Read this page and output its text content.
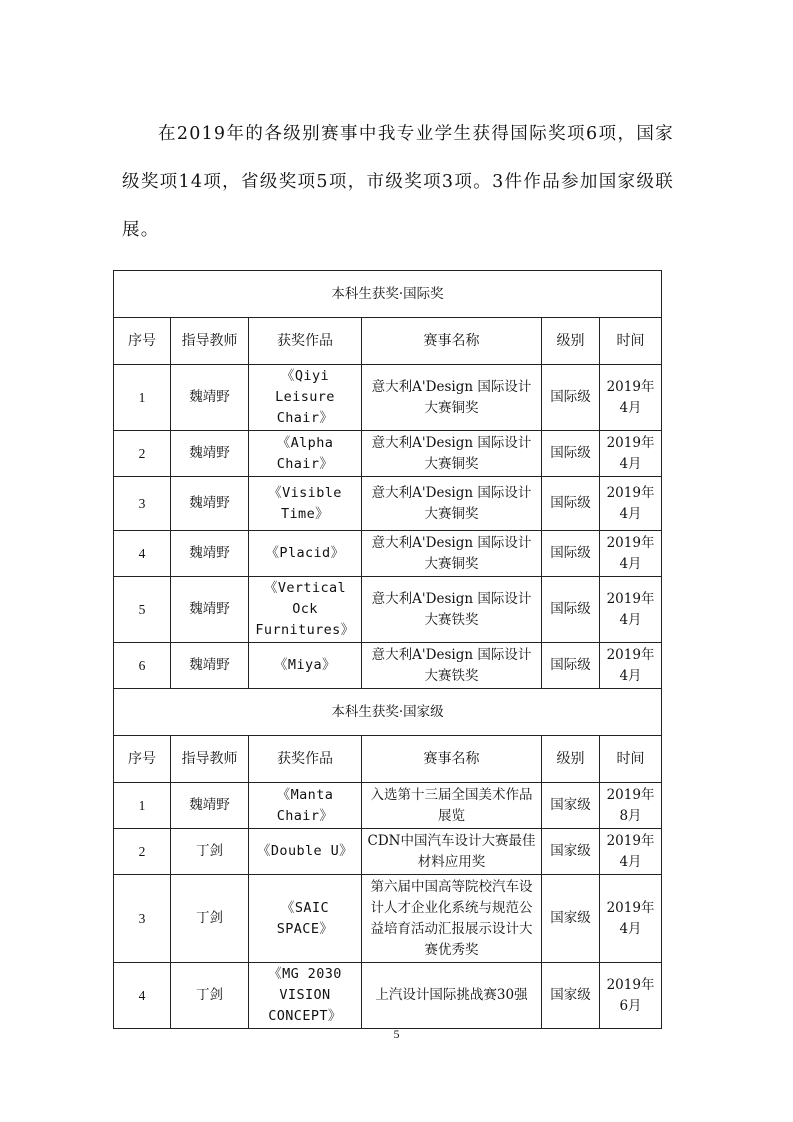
在2019年的各级别赛事中我专业学生获得国际奖项6项，国家级奖项14项，省级奖项5项，市级奖项3项。3件作品参加国家级联展。

本科生获奖·国际奖					
序号	指导教师	获奖作品	赛事名称	级别	时间
1	魏靖野	《Qiyi Leisure Chair》	意大利A'Design 国际设计大赛铜奖	国际级	2019年4月
2	魏靖野	《Alpha Chair》	意大利A'Design 国际设计大赛铜奖	国际级	2019年4月
3	魏靖野	《Visible Time》	意大利A'Design 国际设计大赛铜奖	国际级	2019年4月
4	魏靖野	《Placid》	意大利A'Design 国际设计大赛铜奖	国际级	2019年4月
5	魏靖野	《Vertical Ock Furnitures》	意大利A'Design 国际设计大赛铁奖	国际级	2019年4月
6	魏靖野	《Miya》	意大利A'Design 国际设计大赛铁奖	国际级	2019年4月
本科生获奖·国家级					
序号	指导教师	获奖作品	赛事名称	级别	时间
1	魏靖野	《Manta Chair》	入选第十三届全国美术作品展览	国家级	2019年8月
2	丁剑	《Double U》	CDN中国汽车设计大赛最佳材料应用奖	国家级	2019年4月
3	丁剑	《SAIC SPACE》	第六届中国高等院校汽车设计人才企业化系统与规范公益培育活动汇报展示设计大赛优秀奖	国家级	2019年4月
4	丁剑	《MG 2030 VISION CONCEPT》	上汽设计国际挑战赛30强	国家级	2019年6月
5
